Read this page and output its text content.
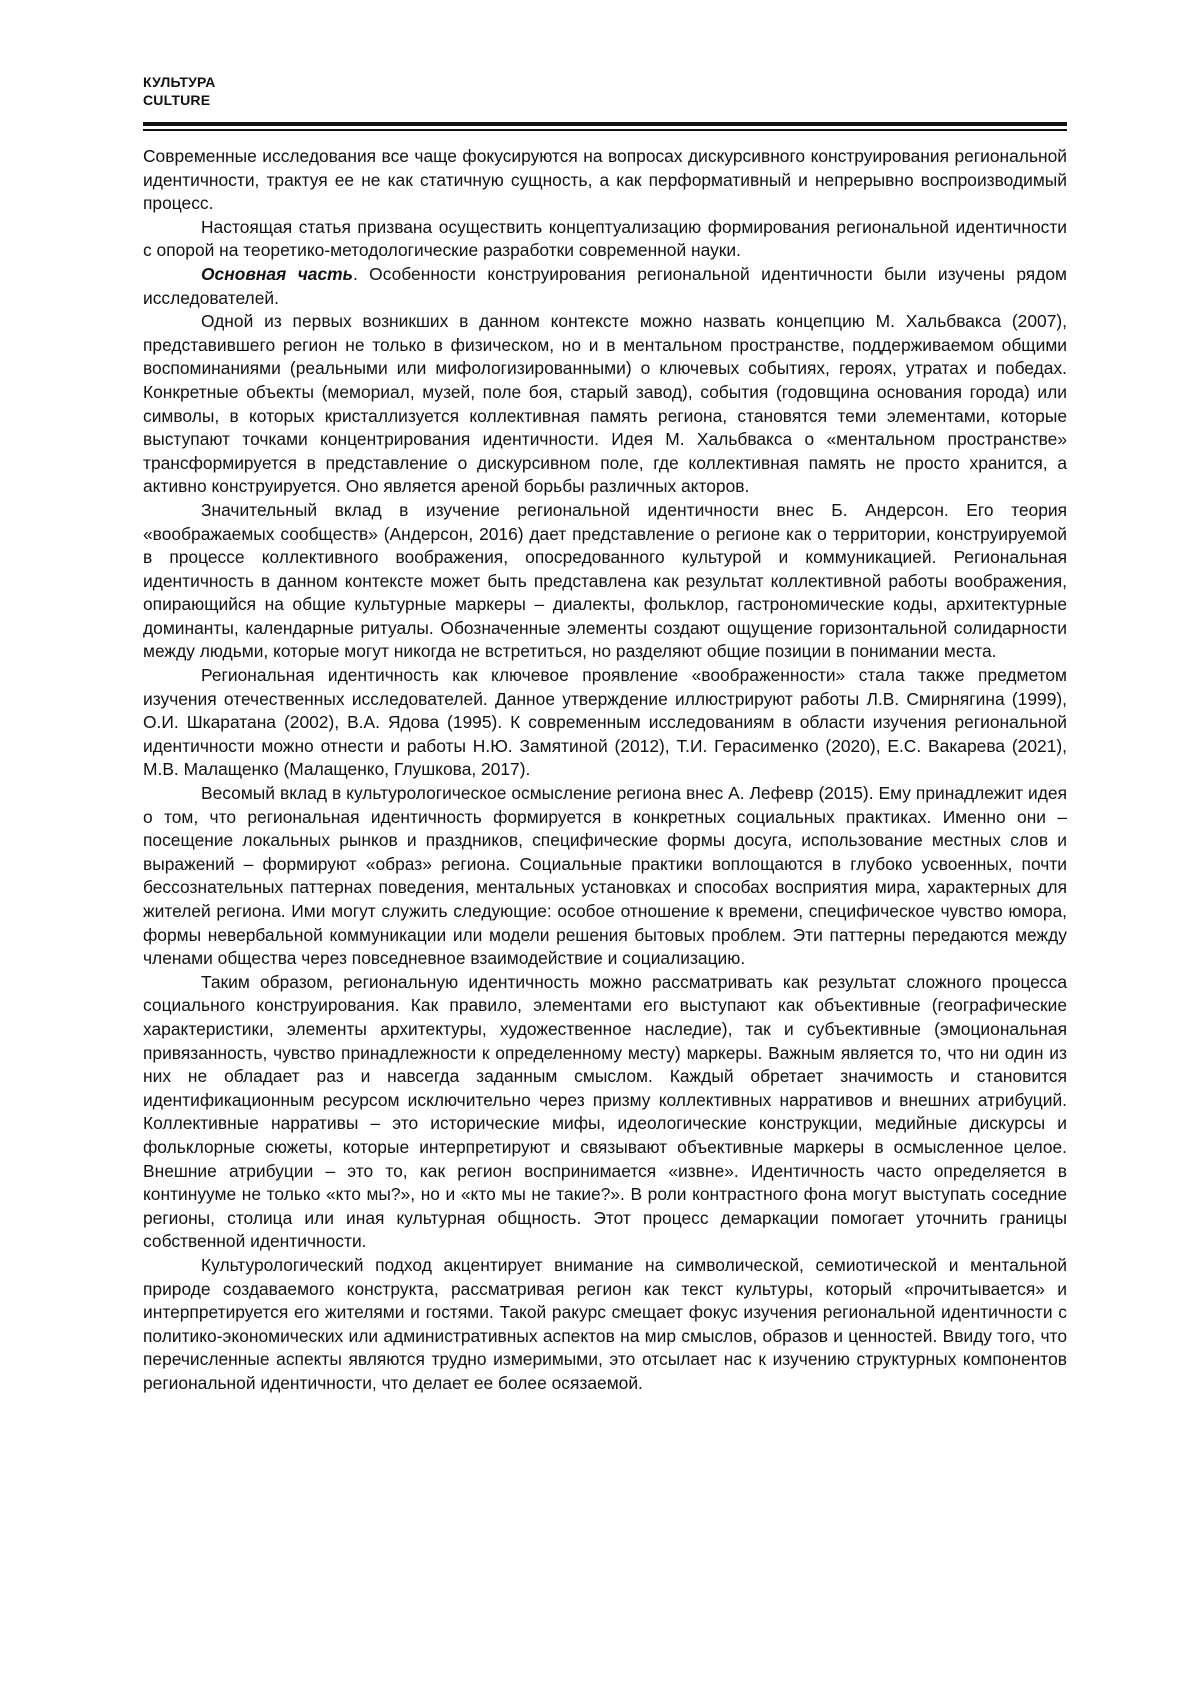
КУЛЬТУРА
CULTURE

Современные исследования все чаще фокусируются на вопросах дискурсивного конструирования региональной идентичности, трактуя ее не как статичную сущность, а как перформативный и непрерывно воспроизводимый процесс.

Настоящая статья призвана осуществить концептуализацию формирования региональной идентичности с опорой на теоретико-методологические разработки современной науки.

Основная часть. Особенности конструирования региональной идентичности были изучены рядом исследователей.

Одной из первых возникших в данном контексте можно назвать концепцию М. Хальбвакса (2007), представившего регион не только в физическом, но и в ментальном пространстве, поддерживаемом общими воспоминаниями (реальными или мифологизированными) о ключевых событиях, героях, утратах и победах. Конкретные объекты (мемориал, музей, поле боя, старый завод), события (годовщина основания города) или символы, в которых кристаллизуется коллективная память региона, становятся теми элементами, которые выступают точками концентрирования идентичности. Идея М. Хальбвакса о «ментальном пространстве» трансформируется в представление о дискурсивном поле, где коллективная память не просто хранится, а активно конструируется. Оно является ареной борьбы различных акторов.

Значительный вклад в изучение региональной идентичности внес Б. Андерсон. Его теория «воображаемых сообществ» (Андерсон, 2016) дает представление о регионе как о территории, конструируемой в процессе коллективного воображения, опосредованного культурой и коммуникацией. Региональная идентичность в данном контексте может быть представлена как результат коллективной работы воображения, опирающийся на общие культурные маркеры – диалекты, фольклор, гастрономические коды, архитектурные доминанты, календарные ритуалы. Обозначенные элементы создают ощущение горизонтальной солидарности между людьми, которые могут никогда не встретиться, но разделяют общие позиции в понимании места.

Региональная идентичность как ключевое проявление «воображенности» стала также предметом изучения отечественных исследователей. Данное утверждение иллюстрируют работы Л.В. Смирнягина (1999), О.И. Шкаратана (2002), В.А. Ядова (1995). К современным исследованиям в области изучения региональной идентичности можно отнести и работы Н.Ю. Замятиной (2012), Т.И. Герасименко (2020), Е.С. Вакарева (2021), М.В. Малащенко (Малащенко, Глушкова, 2017).

Весомый вклад в культурологическое осмысление региона внес А. Лефевр (2015). Ему принадлежит идея о том, что региональная идентичность формируется в конкретных социальных практиках. Именно они – посещение локальных рынков и праздников, специфические формы досуга, использование местных слов и выражений – формируют «образ» региона. Социальные практики воплощаются в глубоко усвоенных, почти бессознательных паттернах поведения, ментальных установках и способах восприятия мира, характерных для жителей региона. Ими могут служить следующие: особое отношение к времени, специфическое чувство юмора, формы невербальной коммуникации или модели решения бытовых проблем. Эти паттерны передаются между членами общества через повседневное взаимодействие и социализацию.

Таким образом, региональную идентичность можно рассматривать как результат сложного процесса социального конструирования. Как правило, элементами его выступают как объективные (географические характеристики, элементы архитектуры, художественное наследие), так и субъективные (эмоциональная привязанность, чувство принадлежности к определенному месту) маркеры. Важным является то, что ни один из них не обладает раз и навсегда заданным смыслом. Каждый обретает значимость и становится идентификационным ресурсом исключительно через призму коллективных нарративов и внешних атрибуций. Коллективные нарративы – это исторические мифы, идеологические конструкции, медийные дискурсы и фольклорные сюжеты, которые интерпретируют и связывают объективные маркеры в осмысленное целое. Внешние атрибуции – это то, как регион воспринимается «извне». Идентичность часто определяется в континууме не только «кто мы?», но и «кто мы не такие?». В роли контрастного фона могут выступать соседние регионы, столица или иная культурная общность. Этот процесс демаркации помогает уточнить границы собственной идентичности.

Культурологический подход акцентирует внимание на символической, семиотической и ментальной природе создаваемого конструкта, рассматривая регион как текст культуры, который «прочитывается» и интерпретируется его жителями и гостями. Такой ракурс смещает фокус изучения региональной идентичности с политико-экономических или административных аспектов на мир смыслов, образов и ценностей. Ввиду того, что перечисленные аспекты являются трудно измеримыми, это отсылает нас к изучению структурных компонентов региональной идентичности, что делает ее более осязаемой.
